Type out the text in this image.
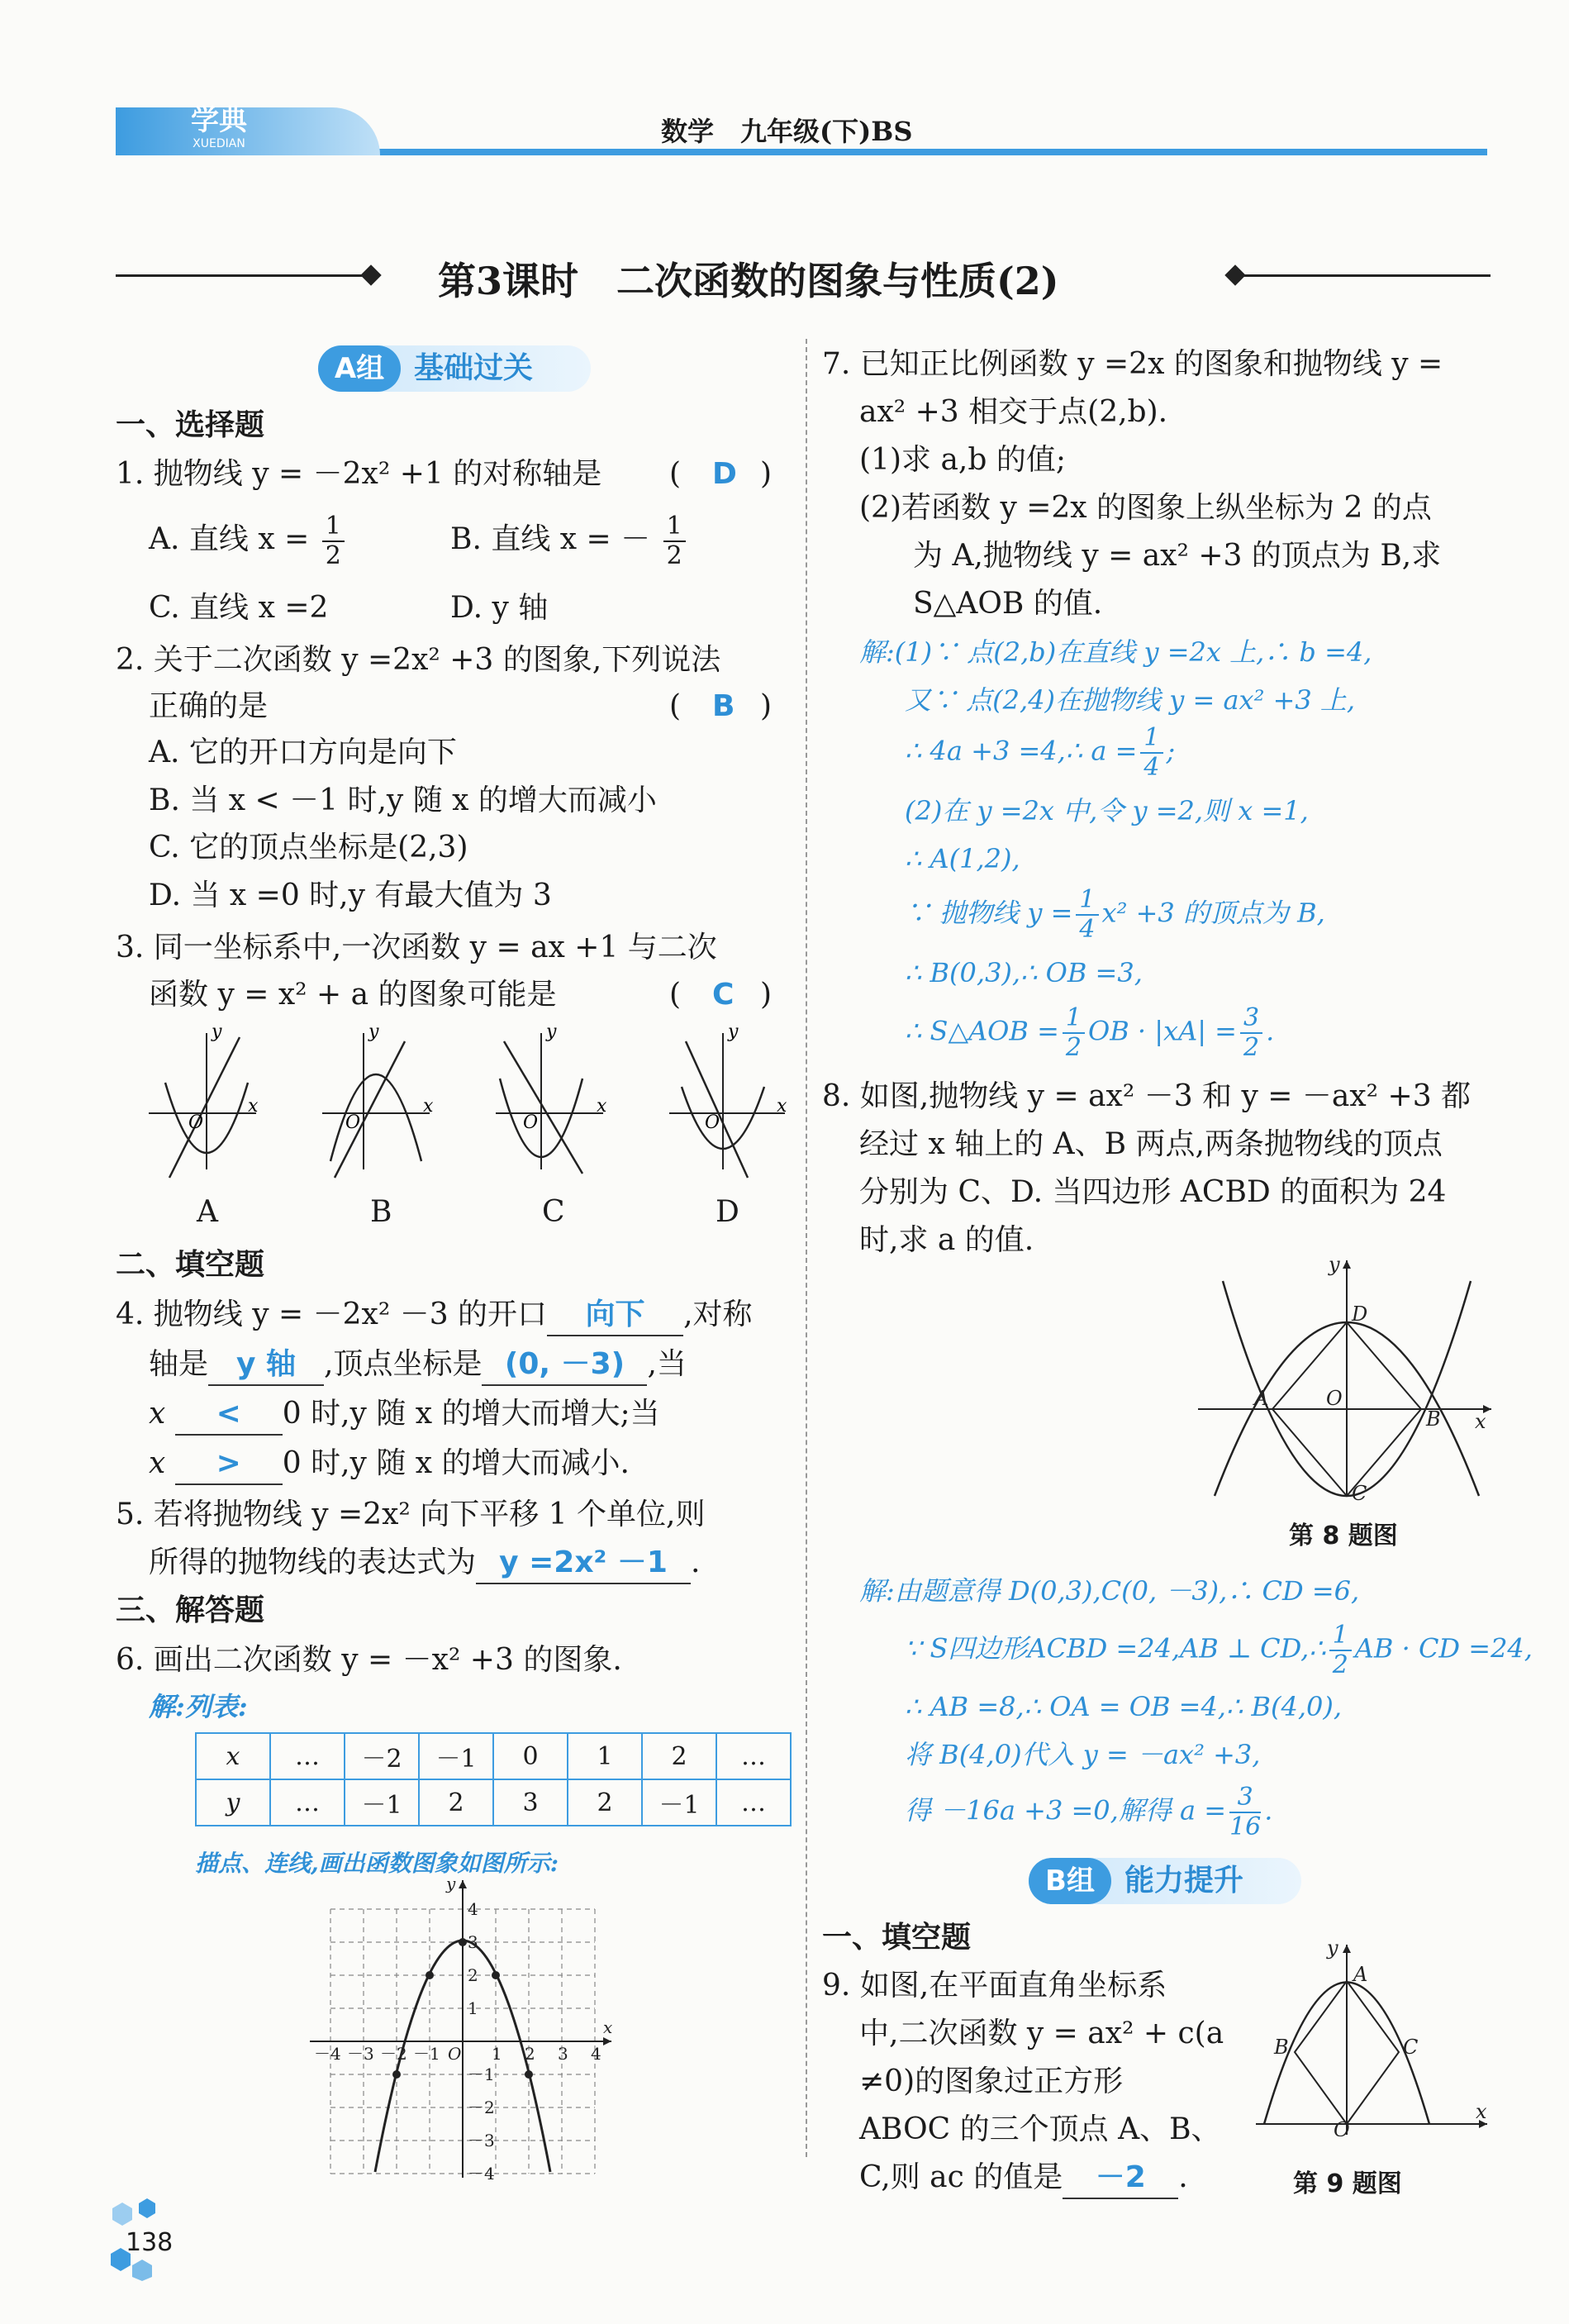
学典
XUEDIAN	数学　九年级(下)BS
第3课时　二次函数的图象与性质(2)
A组 基础过关
一、选择题
1. 抛物线 y = －2x² +1 的对称轴是 ( D )
A. 直线 $x = \frac{1}{2}$	B. 直线 x = － $\frac{1}{2}$
C. 直线 x =2	D. y 轴
2. 关于二次函数 y =2x² +3 的图象,下列说法
正确的是	( B )
A. 它的开口方向是向下
B. 当 x < －1 时,y 随 x 的增大而减小
C. 它的顶点坐标是(2,3)
D. 当 x =0 时,y 有最大值为 3
3. 同一坐标系中,一次函数 y = ax +1 与二次
函数 y = x² + a 的图象可能是	( C )
y
x
O
y
x
O
y
x
O
y
x
O
A	B	C	D
二、填空题
4. 抛物线 y = －2x² －3 的开口 向下 ,对称
轴是 y 轴 ,顶点坐标是 (0, －3) ,当
x < 0 时,y 随 x 的增大而增大;当
x > 0 时,y 随 x 的增大而减小.
5. 若将抛物线 y =2x² 向下平移 1 个单位,则
所得的抛物线的表达式为 y =2x² －1 .
三、解答题
6. 画出二次函数 y = －x² +3 的图象.
解:列表:
x	…	－2	－1	0	1	2	…
y	…	－1	2	3	2	－1	…
描点、连线,画出函数图象如图所示:
－4 －3 －2 －1	1 2 3 4
4
3
2
1
－1
－2
－3
－4
O
x
y
7. 已知正比例函数 y =2x 的图象和抛物线 y =
ax² +3 相交于点(2,b).
(1)求 a,b 的值;
(2)若函数 y =2x 的图象上纵坐标为 2 的点
为 A,抛物线 y = ax² +3 的顶点为 B,求
S△AOB 的值.
解:(1)∵ 点(2,b)在直线 y =2x 上,∴ b =4,
又∵ 点(2,4)在抛物线 y = ax² +3 上,
∴ 4a +3 =4,∴ $a = \frac{1}{4}$ ;
(2)在 y =2x 中,令 y =2,则 x =1,
∴ A(1,2),
∵ 抛物线 $y = \frac{1}{4} x^2 +3$ 的顶点为 B,
∴ B(0,3),∴ OB =3,
∴ S△AOB = $\frac{1}{2}$ OB · $|xA| = \frac{3}{2}$ .
8. 如图,抛物线 y = ax² －3 和 y = －ax² +3 都
经过 x 轴上的 A、B 两点,两条抛物线的顶点
分别为 C、D. 当四边形 ACBD 的面积为 24
时,求 a 的值.
A
B
C
D
O
x
y
第 8 题图
解:由题意得 D(0,3),C(0, －3),∴ CD =6,
∵ S四边形ACBD =24,AB ⊥ CD,∴ $\frac{1}{2}$ AB · CD =24,
∴ AB =8,∴ OA = OB =4,∴ B(4,0),
将 B(4,0)代入 y = －ax² +3,
得 －16a +3 =0,解得 $a = \frac{3}{16}$ .
B组	能力提升
一、填空题
9. 如图,在平面直角坐标系
中,二次函数 y = ax² + c(a
≠0)的图象过正方形
ABOC 的三个顶点 A、B、
C,则 ac 的值是 －2 .
A
B	C
O
x
y
第 9 题图
138
